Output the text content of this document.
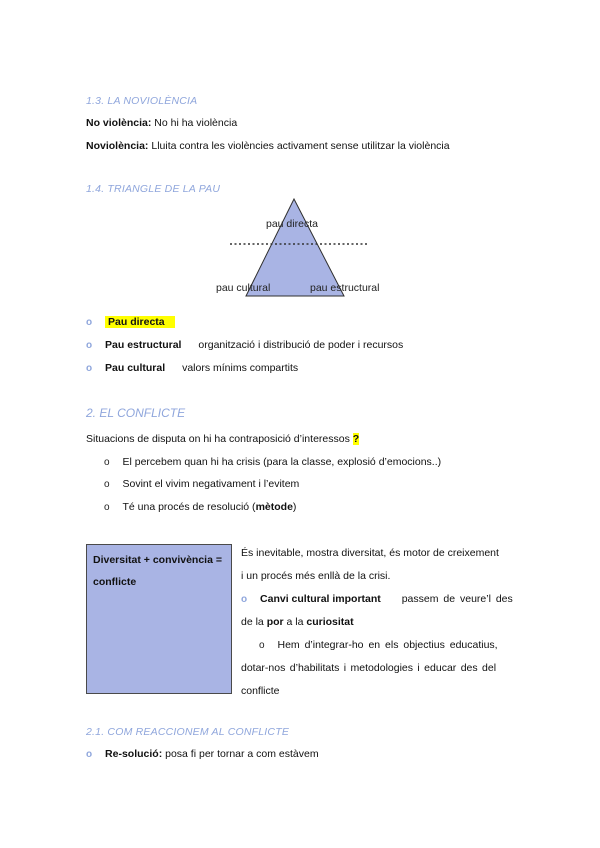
1.3. LA NOVIOLÈNCIA
No violència: No hi ha violència
Noviolència: Lluita contra les violències activament sense utilitzar la violència
1.4. TRIANGLE DE LA PAU
pau directa
pau cultural	pau estructural
o Pau directa
o Pau estructural organització i distribució de poder i recursos
o Pau cultural valors mínims compartits
2. EL CONFLICTE
Situacions de disputa on hi ha contraposició d’interessos ?
o El percebem quan hi ha crisis (para la classe, explosió d’emocions..)
o Sovint el vivim negativament i l’evitem
o Té una procés de resolució (mètode)
Diversitat + convivència = conflicte
És inevitable, mostra diversitat, és motor de creixement
i un procés més enllà de la crisi.
o Canvi cultural important passem de veure’l des
de la por a la curiositat
o Hem d’integrar-ho en els objectius educatius,
dotar-nos d’habilitats i metodologies i educar des del
conflicte
2.1. COM REACCIONEM AL CONFLICTE
o Re-solució: posa fi per tornar a com estàvem
